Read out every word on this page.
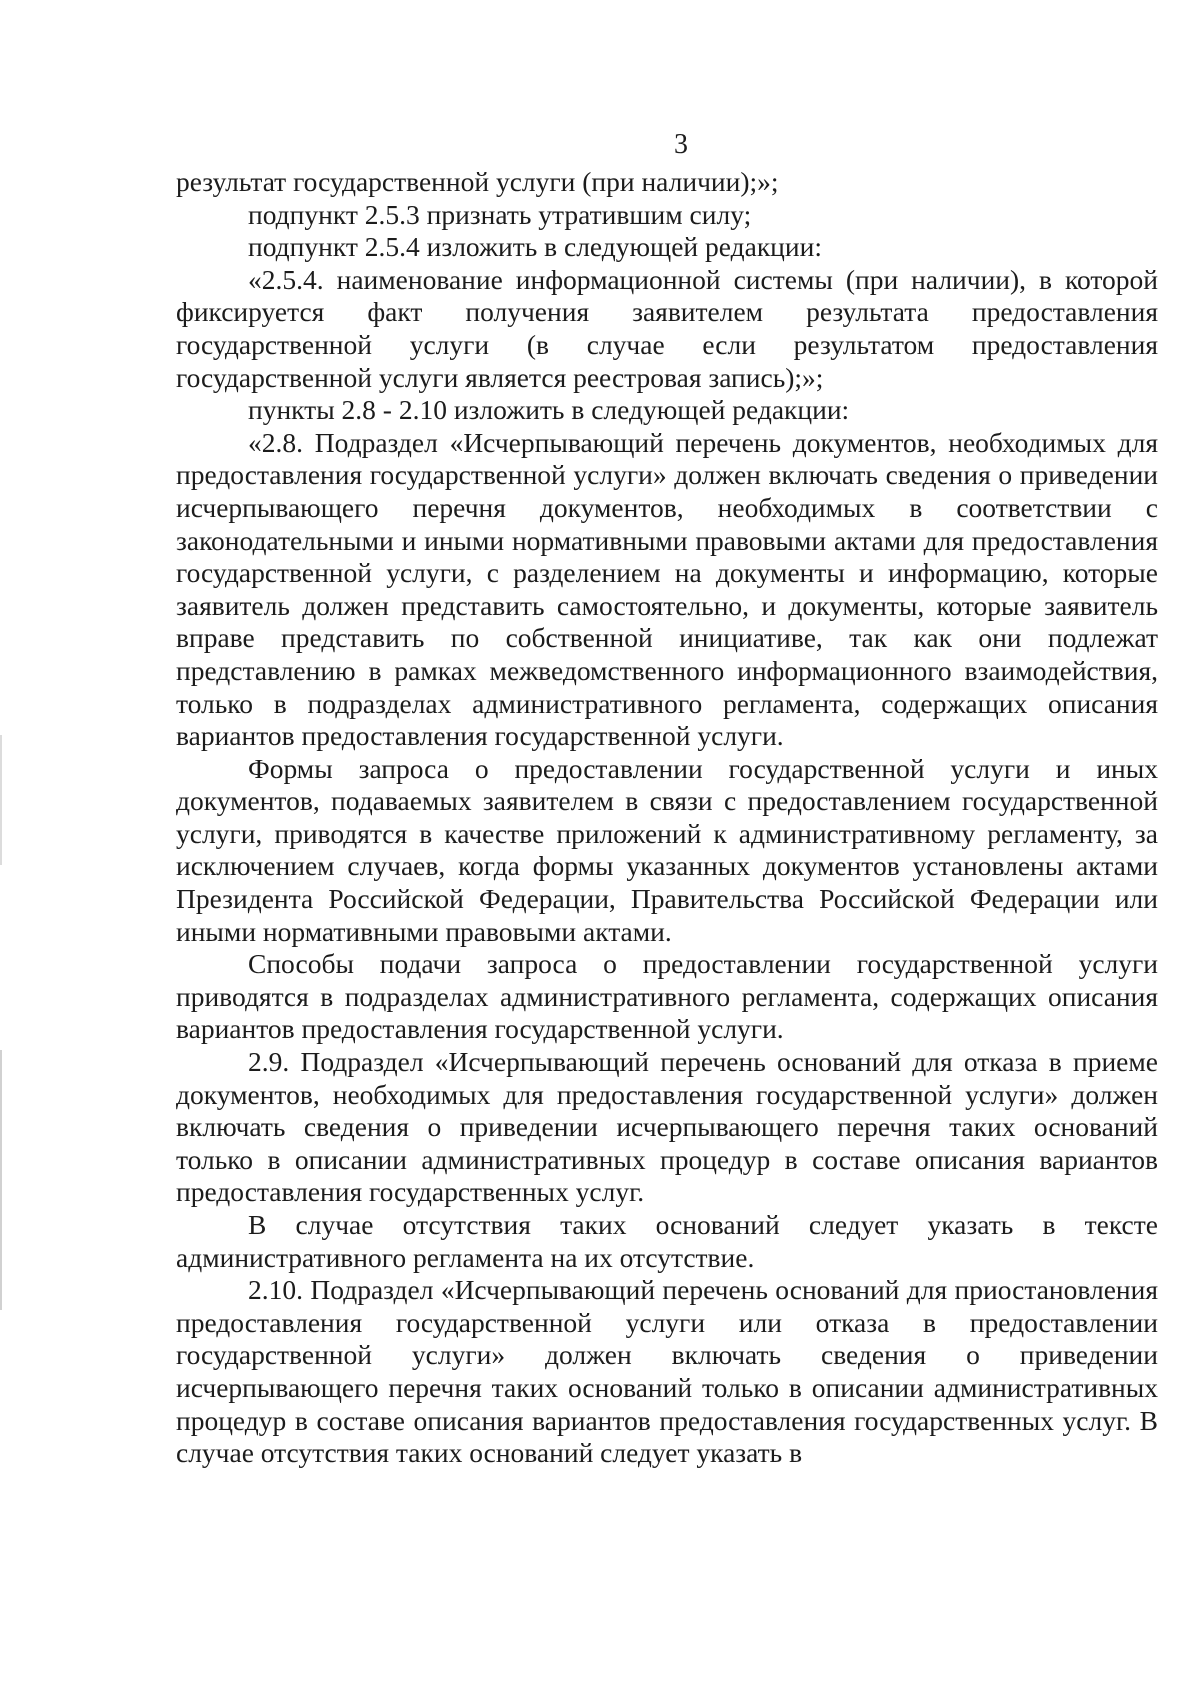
3

результат государственной услуги (при наличии);»;

подпункт 2.5.3 признать утратившим силу;

подпункт 2.5.4 изложить в следующей редакции:

«2.5.4. наименование информационной системы (при наличии), в которой фиксируется факт получения заявителем результата предоставления государственной услуги (в случае если результатом предоставления государственной услуги является реестровая запись);»;

пункты 2.8 - 2.10 изложить в следующей редакции:

«2.8. Подраздел «Исчерпывающий перечень документов, необходимых для предоставления государственной услуги» должен включать сведения о приведении исчерпывающего перечня документов, необходимых в соответствии с законодательными и иными нормативными правовыми актами для предоставления государственной услуги, с разделением на документы и информацию, которые заявитель должен представить самостоятельно, и документы, которые заявитель вправе представить по собственной инициативе, так как они подлежат представлению в рамках межведомственного информационного взаимодействия, только в подразделах административного регламента, содержащих описания вариантов предоставления государственной услуги.

Формы запроса о предоставлении государственной услуги и иных документов, подаваемых заявителем в связи с предоставлением государственной услуги, приводятся в качестве приложений к административному регламенту, за исключением случаев, когда формы указанных документов установлены актами Президента Российской Федерации, Правительства Российской Федерации или иными нормативными правовыми актами.

Способы подачи запроса о предоставлении государственной услуги приводятся в подразделах административного регламента, содержащих описания вариантов предоставления государственной услуги.

2.9. Подраздел «Исчерпывающий перечень оснований для отказа в приеме документов, необходимых для предоставления государственной услуги» должен включать сведения о приведении исчерпывающего перечня таких оснований только в описании административных процедур в составе описания вариантов предоставления государственных услуг.

В случае отсутствия таких оснований следует указать в тексте административного регламента на их отсутствие.

2.10. Подраздел «Исчерпывающий перечень оснований для приостановления предоставления государственной услуги или отказа в предоставлении государственной услуги» должен включать сведения о приведении исчерпывающего перечня таких оснований только в описании административных процедур в составе описания вариантов предоставления государственных услуг. В случае отсутствия таких оснований следует указать в
